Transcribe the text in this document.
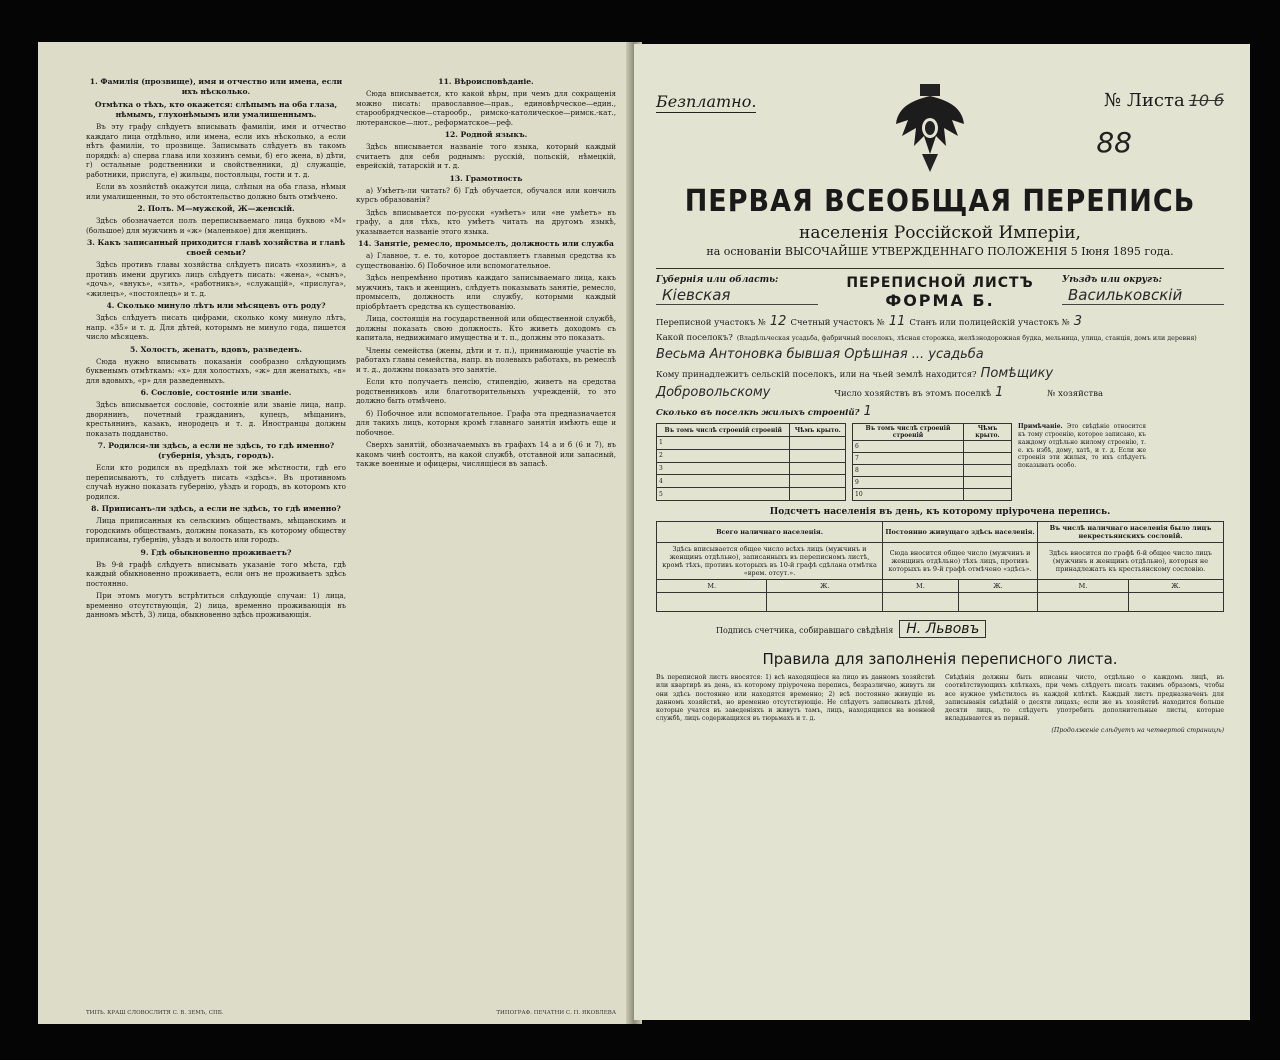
1. Фамилія (прозвище), имя и отчество или имена, если ихъ нѣсколько.
Отмѣтка о тѣхъ, кто окажется: слѣпымъ на оба глаза, нѣмымъ, глухонѣмымъ или умалишеннымъ.

Въ эту графу слѣдуетъ вписывать фамиліи, имя и отчество каждаго лица отдѣльно, или имена, если ихъ нѣсколько, а если нѣтъ фамиліи, то прозвище. Записывать слѣдуетъ въ такомъ порядкѣ: а) сперва глава или хозяинъ семьи, б) его жена, в) дѣти, г) остальные родственники и свойственники, д) служащіе, работники, прислуга, е) жильцы, постояльцы, гости и т. д.

Если въ хозяйствѣ окажутся лица, слѣпыя на оба глаза, нѣмыя или умалишенныя, то это обстоятельство должно быть отмѣчено.

2. Полъ. М—мужской, Ж—женскій.

Здѣсь обозначается полъ переписываемаго лица буквою «М» (большое) для мужчинъ и «ж» (маленькое) для женщинъ.

3. Какъ записанный приходится главѣ хозяйства и главѣ своей семьи?

Здѣсь противъ главы хозяйства слѣдуетъ писать «хозяинъ», а противъ имени другихъ лицъ слѣдуетъ писать: «жена», «сынъ», «дочь», «внукъ», «зять», «работникъ», «служащій», «прислуга», «жилецъ», «постоялецъ» и т. д.

4. Сколько минуло лѣтъ или мѣсяцевъ отъ роду?

Здѣсь слѣдуетъ писать цифрами, сколько кому минуло лѣтъ, напр. «35» и т. д. Для дѣтей, которымъ не минуло года, пишется число мѣсяцевъ.

5. Холостъ, женатъ, вдовъ, разведенъ.

Сюда нужно вписывать показанія сообразно слѣдующимъ буквенымъ отмѣткамъ: «х» для холостыхъ, «ж» для женатыхъ, «в» для вдовыхъ, «р» для разведенныхъ.

6. Сословіе, состояніе или званіе.

Здѣсь вписывается сословіе, состояніе или званіе лица, напр. дворянинъ, почетный гражданинъ, купецъ, мѣщанинъ, крестьянинъ, казакъ, инородецъ и т. д. Иностранцы должны показать подданство.

7. Родился-ли здѣсь, а если не здѣсь, то гдѣ именно? (губернія, уѣздъ, городъ).

Если кто родился въ предѣлахъ той же мѣстности, гдѣ его переписываютъ, то слѣдуетъ писать «здѣсь». Въ противномъ случаѣ нужно показать губернію, уѣздъ и городъ, въ которомъ кто родился.

8. Приписанъ-ли здѣсь, а если не здѣсь, то гдѣ именно?

Лица приписанныя къ сельскимъ обществамъ, мѣщанскимъ и городскимъ обществамъ, должны показать, къ которому обществу приписаны, губернію, уѣздъ и волость или городъ.

9. Гдѣ обыкновенно проживаетъ?

Въ 9-й графѣ слѣдуетъ вписывать указаніе того мѣста, гдѣ каждый обыкновенно проживаетъ, если онъ не проживаетъ здѣсь постоянно.

При этомъ могутъ встрѣтиться слѣдующіе случаи: 1) лица, временно отсутствующія, 2) лица, временно проживающія въ данномъ мѣстѣ, 3) лица, обыкновенно здѣсь проживающія.

11. Вѣроисповѣданіе.

Сюда вписывается, кто какой вѣры, при чемъ для сокращенія можно писать: православное—прав., единовѣрческое—един., старообрядческое—старообр., римско-католическое—римск.-кат., лютеранское—лют., реформатское—реф.

12. Родной языкъ.

Здѣсь вписывается названіе того языка, который каждый считаетъ для себя роднымъ: русскій, польскій, нѣмецкій, еврейскій, татарскій и т. д.

13. Грамотность

а) Умѣетъ-ли читать? б) Гдѣ обучается, обучался или кончилъ курсъ образованія?

Здѣсь вписывается по-русски «умѣетъ» или «не умѣетъ» въ графу, а для тѣхъ, кто умѣетъ читать на другомъ языкѣ, указывается названіе этого языка.

14. Занятіе, ремесло, промыселъ, должность или служба

а) Главное, т. е. то, которое доставляетъ главныя средства къ существованію. б) Побочное или вспомогательное.

Здѣсь непремѣнно противъ каждаго записываемаго лица, какъ мужчинъ, такъ и женщинъ, слѣдуетъ показывать занятіе, ремесло, промыселъ, должность или службу, которыми каждый пріобрѣтаетъ средства къ существованію.

Лица, состоящія на государственной или общественной службѣ, должны показать свою должность. Кто живетъ доходомъ съ капитала, недвижимаго имущества и т. п., должны это показать.

Члены семейства (жены, дѣти и т. п.), принимающіе участіе въ работахъ главы семейства, напр. въ полевыхъ работахъ, въ ремеслѣ и т. д., должны показать это занятіе.

Если кто получаетъ пенсію, стипендію, живетъ на средства родственниковъ или благотворительныхъ учрежденій, то это должно быть отмѣчено.

б) Побочное или вспомогательное. Графа эта предназначается для такихъ лицъ, которыя кромѣ главнаго занятія имѣютъ еще и побочное.

Сверхъ занятій, обозначаемыхъ въ графахъ 14 а и б (6 и 7), въ какомъ чинѣ состоятъ, на какой службѣ, отставной или запасный, также военные и офицеры, числящіеся въ запасѣ.

ТИПЪ. КРАШ СЛОВОСЛИТЯ С. В. ЗЕМЪ, СПБ.	ТИПОГРАФ. ПЕЧАТНИ С. П. ЯКОВЛЕВА
Безплатно.	№ Листа 10 б
88
ПЕРВАЯ ВСЕОБЩАЯ ПЕРЕПИСЬ
населенія Россійской Имперіи,
на основаніи ВЫСОЧАЙШЕ УТВЕРЖДЕННАГО ПОЛОЖЕНІЯ 5 Іюня 1895 года.
Губернія или область:
Кіевская
ПЕРЕПИСНОЙ ЛИСТЪ
ФОРМА Б.
Уѣздъ или округъ:
Васильковскій
Переписной участокъ № 12 Счетный участокъ № 11 Станъ или полицейскій участокъ № 3
Какой поселокъ? (Владѣльческая усадьба, фабричный поселокъ, лѣсная сторожка, желѣзнодорожная будка, мельница, улица, станція, домъ или деревня)
Весьма Антоновка бывшая Орѣшная ... усадьба
Кому принадлежитъ сельскій поселокъ, или на чьей землѣ находится? Помѣщику
Добровольскому	Число хозяйствъ въ этомъ поселкѣ 1	№ хозяйства
Сколько въ поселкѣ жилыхъ строеній? 1
Въ томъ числѣ строеній строеній	Чѣмъ крыто.
1	
2	
3	
4	
5	
Въ томъ числѣ строеній строеній	Чѣмъ крыто.
6	
7	
8	
9	
10	
Примѣчаніе. Это свѣдѣніе относится къ тому строенію, которое записано, къ каждому отдѣльно жилому строенію, т. е. къ избѣ, дому, хатѣ, и т. д. Если же строенія эти жилыя, то ихъ слѣдуетъ показывать особо.
Подсчетъ населенія въ день, къ которому пріурочена перепись.
Всего наличнаго населенія.		Постоянно живущаго здѣсь населенія.		Въ числѣ наличнаго населенія было лицъ некрестьянскихъ сословій.	
Здѣсь вписывается общее число всѣхъ лицъ (мужчинъ и женщинъ отдѣльно), записанныхъ въ переписномъ листѣ, кромѣ тѣхъ, противъ которыхъ въ 10-й графѣ сдѣлана отмѣтка «врем. отсут.».		Сюда вносится общее число (мужчинъ и женщинъ отдѣльно) тѣхъ лицъ, противъ которыхъ въ 9-й графѣ отмѣчено «здѣсь».		Здѣсь вносится по графѣ 6-й общее число лицъ (мужчинъ и женщинъ отдѣльно), которыя не принадлежатъ къ крестьянскому сословію.	
М.	Ж.	М.	Ж.	М.	Ж.

Подпись счетчика, собиравшаго свѣдѣнія Н. Львовъ
Правила для заполненія переписного листа.
Въ переписной листъ вносятся: 1) всѣ находящіеся на лицо въ данномъ хозяйствѣ или квартирѣ въ день, къ которому пріурочена перепись, безразлично, живутъ ли они здѣсь постоянно или находятся временно; 2) всѣ постоянно живущіе въ данномъ хозяйствѣ, но временно отсутствующіе. Не слѣдуетъ записывать дѣтей, которые учатся въ заведеніяхъ и живутъ тамъ, лицъ, находящихся на военной службѣ, лицъ содержащихся въ тюрьмахъ и т. д.
Свѣдѣнія должны быть вписаны чисто, отдѣльно о каждомъ лицѣ, въ соотвѣтствующихъ клѣткахъ, при чемъ слѣдуетъ писать такимъ образомъ, чтобы все нужное умѣстилось въ каждой клѣткѣ. Каждый листъ предназначенъ для записыванія свѣдѣній о десяти лицахъ; если же въ хозяйствѣ находится больше десяти лицъ, то слѣдуетъ употребить дополнительные листы, которые вкладываются въ первый.
(Продолженіе слѣдуетъ на четвертой страницѣ)
